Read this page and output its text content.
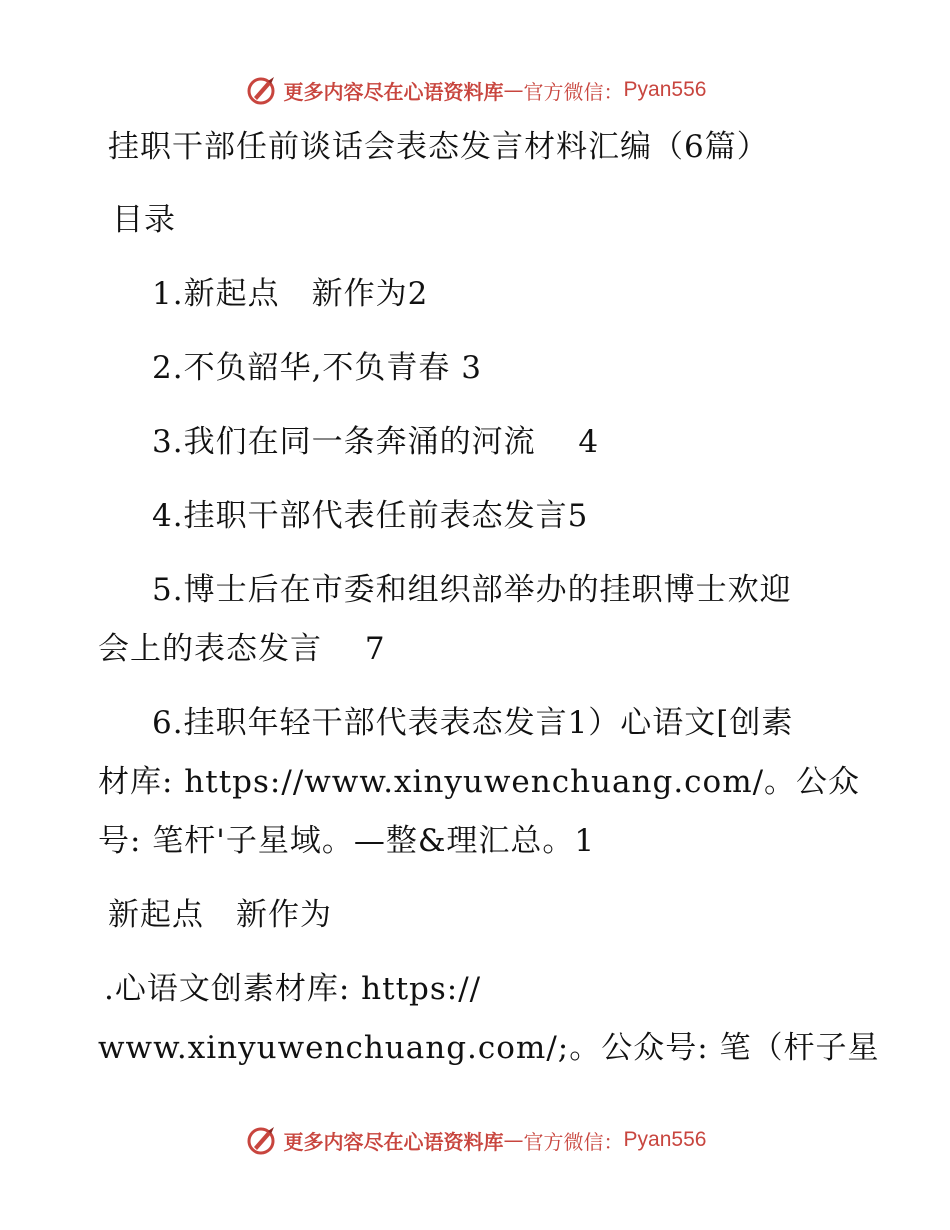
更多内容尽在心语资料库 — 官方微信： Pyan556
挂职干部任前谈话会表态发言材料汇编（6篇）
目录
1.新起点　新作为2
2.不负韶华,不负青春 3
3.我们在同一条奔涌的河流　 4
4.挂职干部代表任前表态发言5
5.博士后在市委和组织部举办的挂职博士欢迎
会上的表态发言　 7
6.挂职年轻干部代表表态发言1）心语文[创素
材库: https://www.xinyuwenchuang.com/。公众
号: 笔杆'子星域。—整&理汇总。1
新起点　新作为
.心语文创素材库: https://
www.xinyuwenchuang.com/;。公众号: 笔（杆子星
更多内容尽在心语资料库 — 官方微信： Pyan556
